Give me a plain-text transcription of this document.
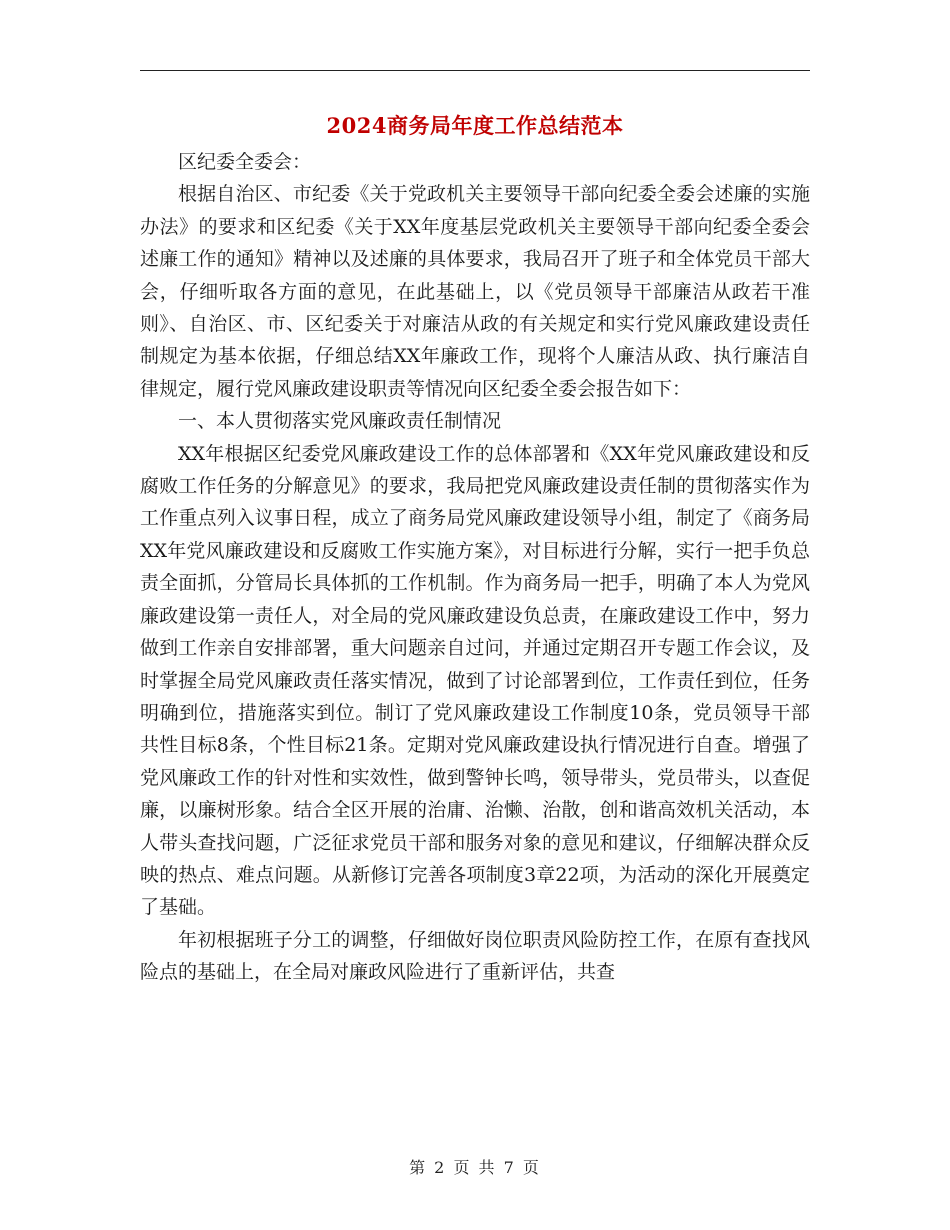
2024商务局年度工作总结范本

区纪委全委会：

根据自治区、市纪委《关于党政机关主要领导干部向纪委全委会述廉的实施办法》的要求和区纪委《关于XX年度基层党政机关主要领导干部向纪委全委会述廉工作的通知》精神以及述廉的具体要求，我局召开了班子和全体党员干部大会，仔细听取各方面的意见，在此基础上，以《党员领导干部廉洁从政若干准则》、自治区、市、区纪委关于对廉洁从政的有关规定和实行党风廉政建设责任制规定为基本依据，仔细总结XX年廉政工作，现将个人廉洁从政、执行廉洁自律规定，履行党风廉政建设职责等情况向区纪委全委会报告如下：

一、本人贯彻落实党风廉政责任制情况

XX年根据区纪委党风廉政建设工作的总体部署和《XX年党风廉政建设和反腐败工作任务的分解意见》的要求，我局把党风廉政建设责任制的贯彻落实作为工作重点列入议事日程，成立了商务局党风廉政建设领导小组，制定了《商务局XX年党风廉政建设和反腐败工作实施方案》，对目标进行分解，实行一把手负总责全面抓，分管局长具体抓的工作机制。作为商务局一把手，明确了本人为党风廉政建设第一责任人，对全局的党风廉政建设负总责，在廉政建设工作中，努力做到工作亲自安排部署，重大问题亲自过问，并通过定期召开专题工作会议，及时掌握全局党风廉政责任落实情况，做到了讨论部署到位，工作责任到位，任务明确到位，措施落实到位。制订了党风廉政建设工作制度10条，党员领导干部共性目标8条，个性目标21条。定期对党风廉政建设执行情况进行自查。增强了党风廉政工作的针对性和实效性，做到警钟长鸣，领导带头，党员带头，以查促廉，以廉树形象。结合全区开展的治庸、治懒、治散，创和谐高效机关活动，本人带头查找问题，广泛征求党员干部和服务对象的意见和建议，仔细解决群众反映的热点、难点问题。从新修订完善各项制度3章22项，为活动的深化开展奠定了基础。

年初根据班子分工的调整，仔细做好岗位职责风险防控工作，在原有查找风险点的基础上，在全局对廉政风险进行了重新评估，共查

第 2 页 共 7 页
